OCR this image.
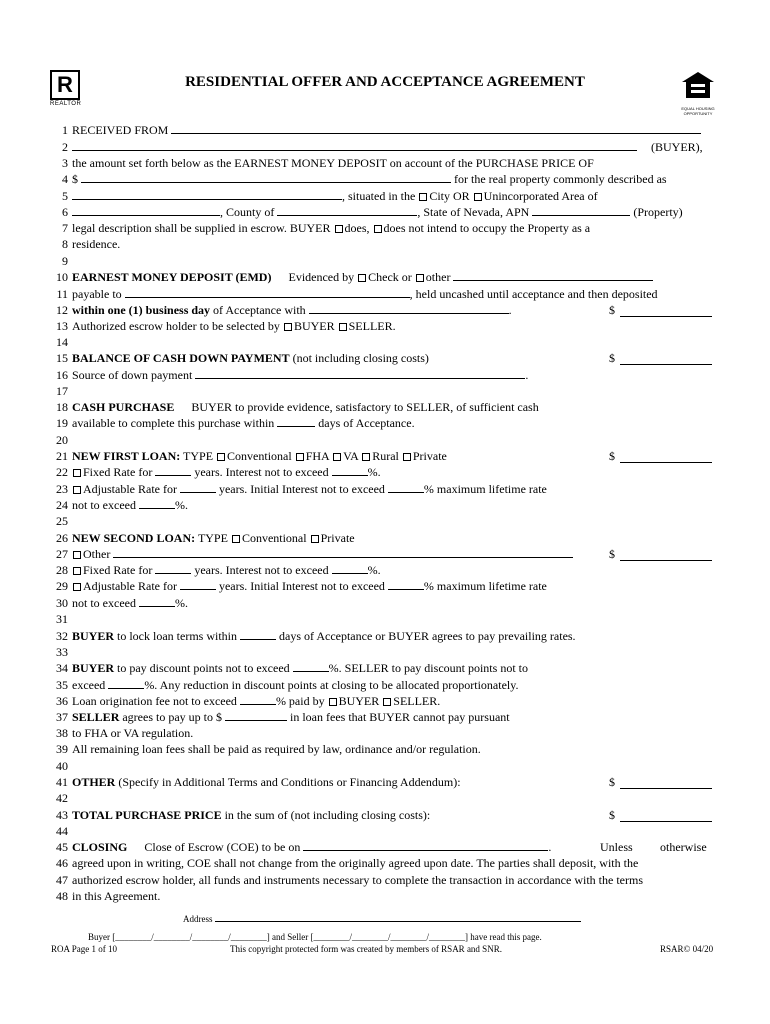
R
REALTOR
RESIDENTIAL OFFER AND ACCEPTANCE AGREEMENT
EQUAL HOUSING OPPORTUNITY
1 RECEIVED FROM
2	(BUYER),
3 the amount set forth below as the EARNEST MONEY DEPOSIT on account of the PURCHASE PRICE OF
4 $	for the real property commonly described as
5	, situated in the City OR Unincorporated Area of
6	, County of	, State of Nevada, APN	(Property)
7 legal description shall be supplied in escrow. BUYER does, does not intend to occupy the Property as a
8 residence.
9
10 EARNEST MONEY DEPOSIT (EMD) Evidenced by Check or other
11 payable to	, held uncashed until acceptance and then deposited
12 within one (1) business day of Acceptance with	.	$
13 Authorized escrow holder to be selected by BUYER SELLER.
14
15 BALANCE OF CASH DOWN PAYMENT (not including closing costs)	$
16 Source of down payment	.
17
18 CASH PURCHASE BUYER to provide evidence, satisfactory to SELLER, of sufficient cash
19 available to complete this purchase within	days of Acceptance.
20
21 NEW FIRST LOAN: TYPE Conventional FHA VA Rural Private	$
22 Fixed Rate for	years. Interest not to exceed	%.
23 Adjustable Rate for	years. Initial Interest not to exceed	% maximum lifetime rate
24 not to exceed	%.
25
26 NEW SECOND LOAN: TYPE Conventional Private
27 Other	$
28 Fixed Rate for	years. Interest not to exceed	%.
29 Adjustable Rate for	years. Initial Interest not to exceed	% maximum lifetime rate
30 not to exceed	%.
31
32 BUYER to lock loan terms within	days of Acceptance or BUYER agrees to pay prevailing rates.
33
34 BUYER to pay discount points not to exceed	%. SELLER to pay discount points not to
35 exceed	%. Any reduction in discount points at closing to be allocated proportionately.
36 Loan origination fee not to exceed	% paid by BUYER SELLER.
37 SELLER agrees to pay up to $	in loan fees that BUYER cannot pay pursuant
38 to FHA or VA regulation.
39 All remaining loan fees shall be paid as required by law, ordinance and/or regulation.
40
41 OTHER (Specify in Additional Terms and Conditions or Financing Addendum):	$
42
43 TOTAL PURCHASE PRICE in the sum of (not including closing costs):	$
44
45 CLOSING Close of Escrow (COE) to be on	.	Unless otherwise
46 agreed upon in writing, COE shall not change from the originally agreed upon date. The parties shall deposit, with the
47 authorized escrow holder, all funds and instruments necessary to complete the transaction in accordance with the terms
48 in this Agreement.
Address
Buyer [________/________/________/________] and Seller [________/________/________/________] have read this page.
ROA Page 1 of 10	This copyright protected form was created by members of RSAR and SNR.	RSAR© 04/20
